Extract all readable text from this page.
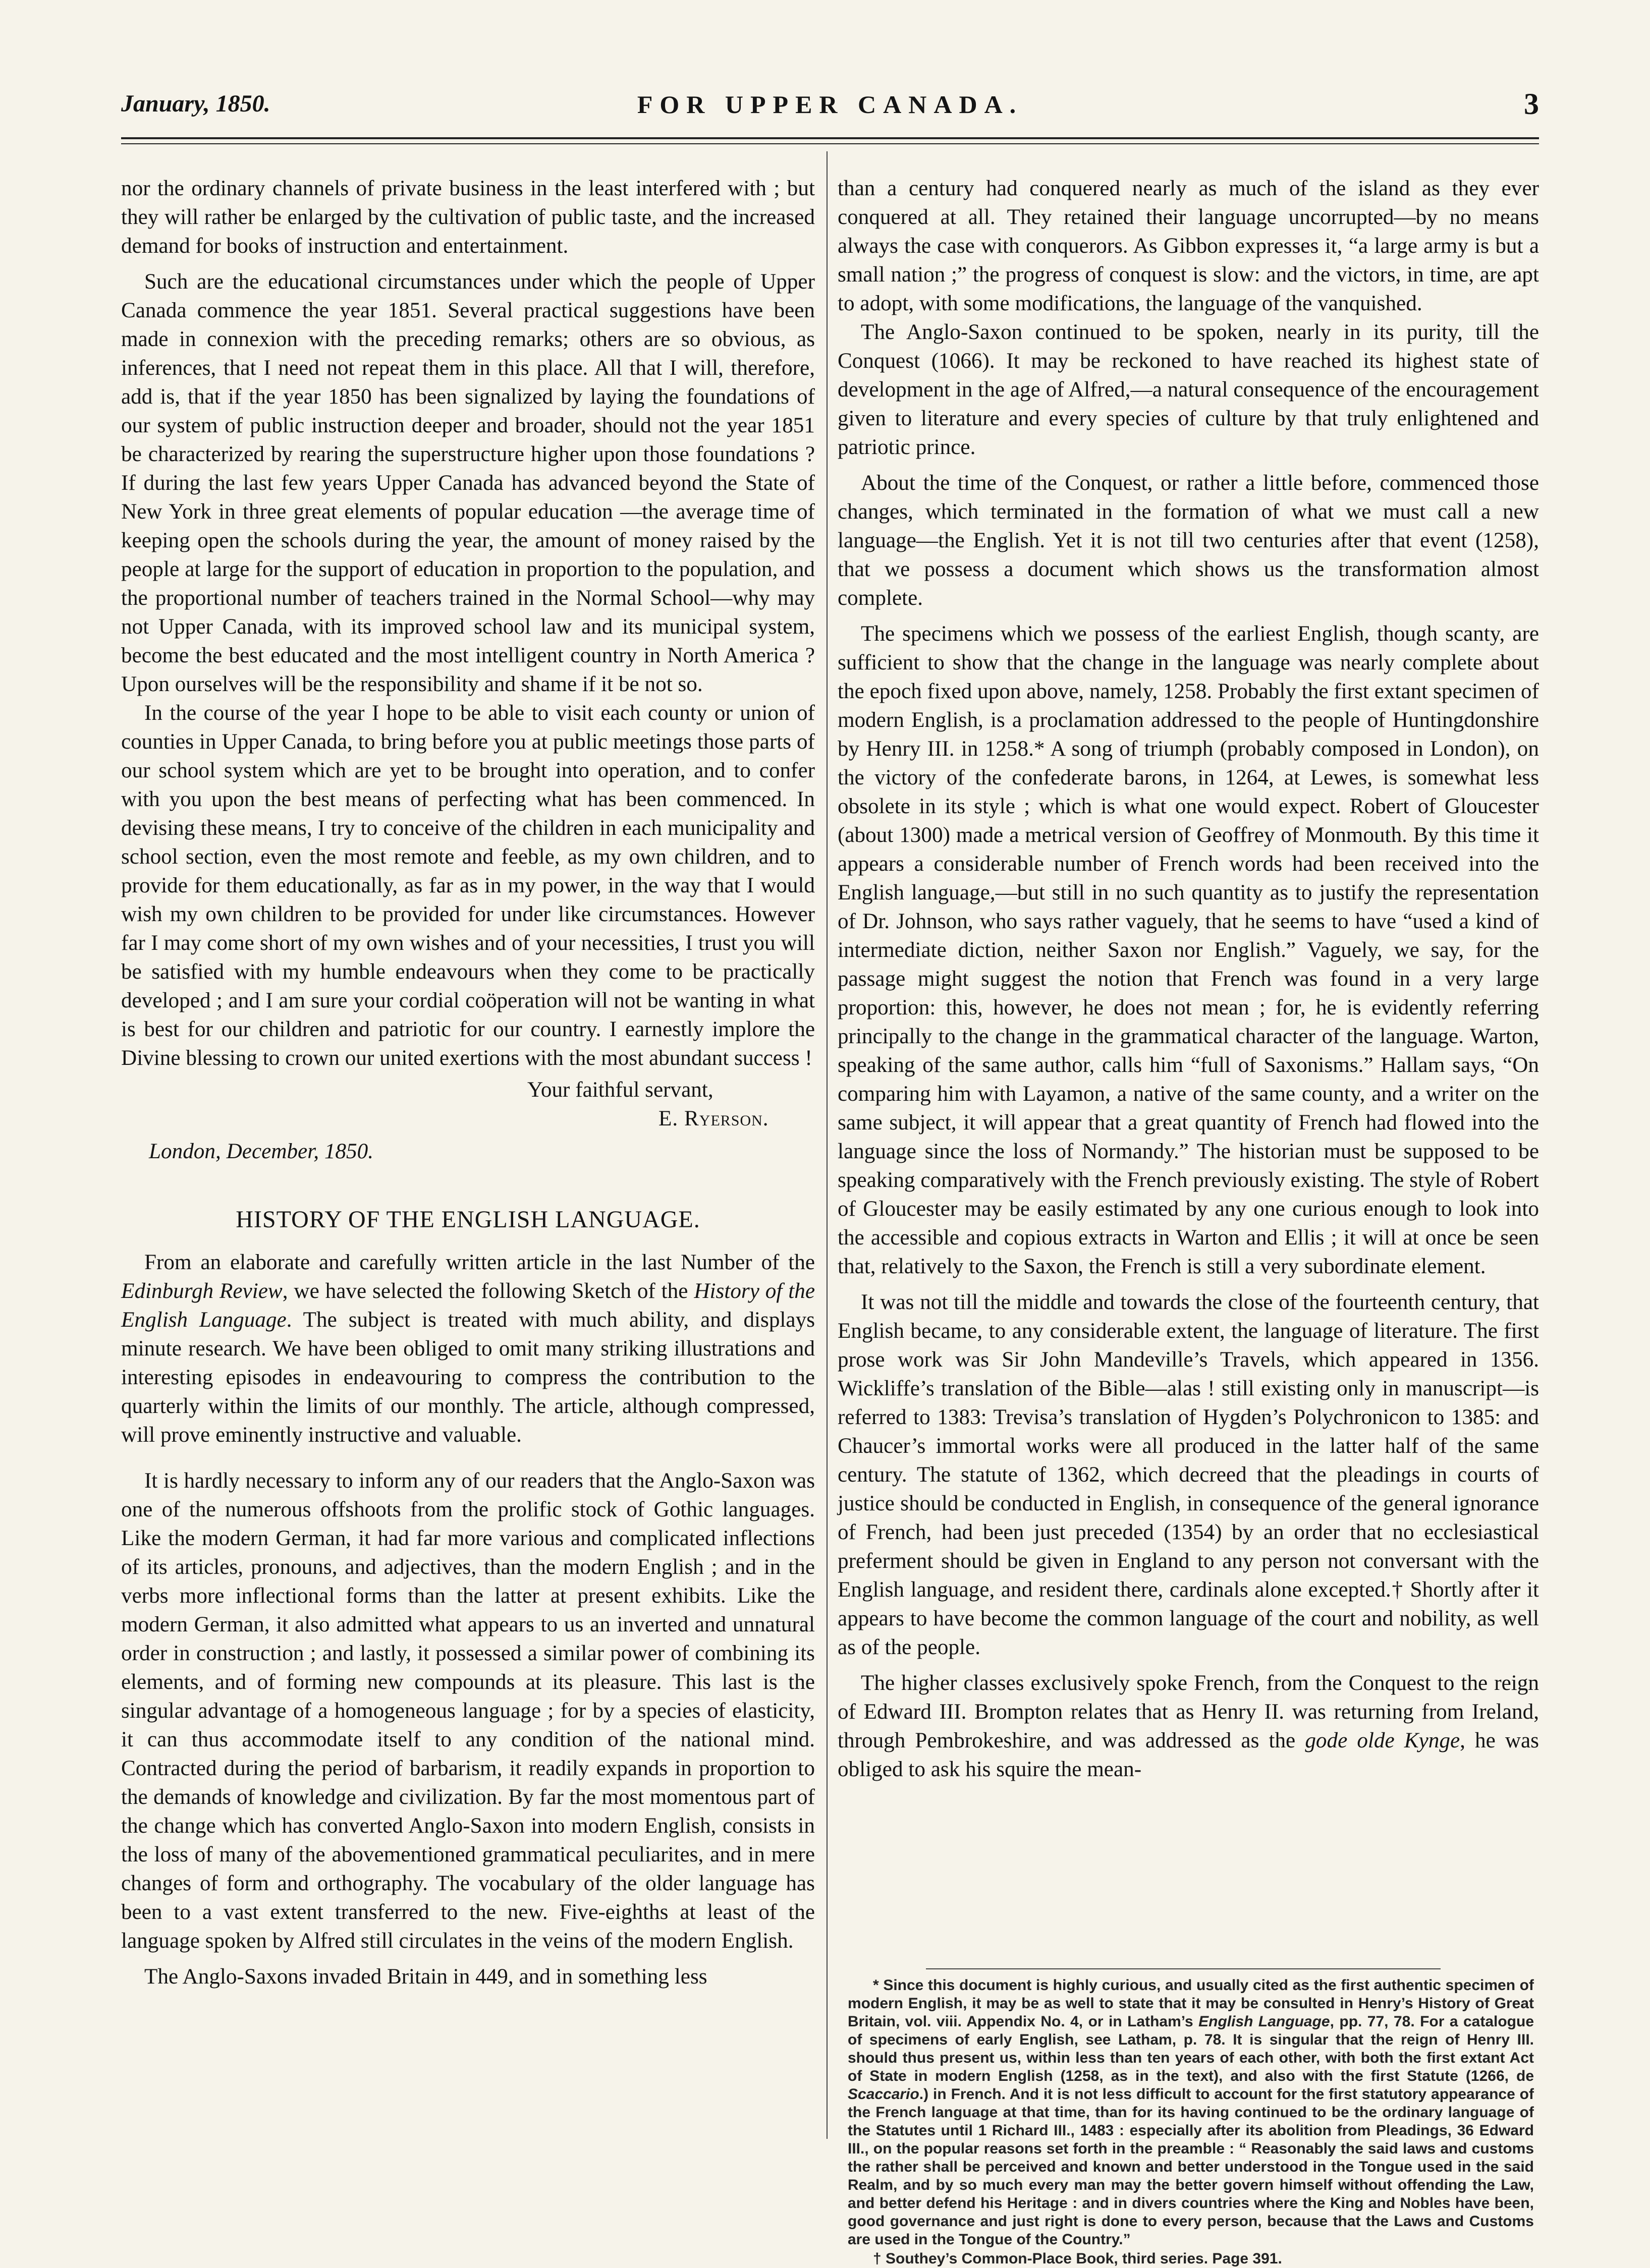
January, 1850.	FOR UPPER CANADA.	3

nor the ordinary channels of private business in the least interfered with ; but they will rather be enlarged by the cultivation of public taste, and the increased demand for books of instruction and entertainment.

Such are the educational circumstances under which the people of Upper Canada commence the year 1851. Several practical suggestions have been made in connexion with the preceding remarks; others are so obvious, as inferences, that I need not repeat them in this place. All that I will, therefore, add is, that if the year 1850 has been signalized by laying the foundations of our system of public instruction deeper and broader, should not the year 1851 be characterized by rearing the superstructure higher upon those foundations ? If during the last few years Upper Canada has advanced beyond the State of New York in three great elements of popular education —the average time of keeping open the schools during the year, the amount of money raised by the people at large for the support of education in proportion to the population, and the proportional number of teachers trained in the Normal School—why may not Upper Canada, with its improved school law and its municipal system, become the best educated and the most intelligent country in North America ? Upon ourselves will be the responsibility and shame if it be not so.

In the course of the year I hope to be able to visit each county or union of counties in Upper Canada, to bring before you at public meetings those parts of our school system which are yet to be brought into operation, and to confer with you upon the best means of perfecting what has been commenced. In devising these means, I try to conceive of the children in each municipality and school section, even the most remote and feeble, as my own children, and to provide for them educationally, as far as in my power, in the way that I would wish my own children to be provided for under like circumstances. However far I may come short of my own wishes and of your necessities, I trust you will be satisfied with my humble endeavours when they come to be practically developed ; and I am sure your cordial coöperation will not be wanting in what is best for our children and patriotic for our country. I earnestly implore the Divine blessing to crown our united exertions with the most abundant success !

Your faithful servant,
E. Ryerson.
London, December, 1850.
HISTORY OF THE ENGLISH LANGUAGE.

From an elaborate and carefully written article in the last Number of the Edinburgh Review, we have selected the following Sketch of the History of the English Language. The subject is treated with much ability, and displays minute research. We have been obliged to omit many striking illustrations and interesting episodes in endeavouring to compress the contribution to the quarterly within the limits of our monthly. The article, although compressed, will prove eminently instructive and valuable.

It is hardly necessary to inform any of our readers that the Anglo-Saxon was one of the numerous offshoots from the prolific stock of Gothic languages. Like the modern German, it had far more various and complicated inflections of its articles, pronouns, and adjectives, than the modern English ; and in the verbs more inflectional forms than the latter at present exhibits. Like the modern German, it also admitted what appears to us an inverted and unnatural order in construction ; and lastly, it possessed a similar power of combining its elements, and of forming new compounds at its pleasure. This last is the singular advantage of a homogeneous language ; for by a species of elasticity, it can thus accommodate itself to any condition of the national mind. Contracted during the period of barbarism, it readily expands in proportion to the demands of knowledge and civilization. By far the most momentous part of the change which has converted Anglo-Saxon into modern English, consists in the loss of many of the abovementioned grammatical peculiarites, and in mere changes of form and orthography. The vocabulary of the older language has been to a vast extent transferred to the new. Five-eighths at least of the language spoken by Alfred still circulates in the veins of the modern English.

The Anglo-Saxons invaded Britain in 449, and in something less

than a century had conquered nearly as much of the island as they ever conquered at all. They retained their language uncorrupted—by no means always the case with conquerors. As Gibbon expresses it, “a large army is but a small nation ;” the progress of conquest is slow: and the victors, in time, are apt to adopt, with some modifications, the language of the vanquished.

The Anglo-Saxon continued to be spoken, nearly in its purity, till the Conquest (1066). It may be reckoned to have reached its highest state of development in the age of Alfred,—a natural consequence of the encouragement given to literature and every species of culture by that truly enlightened and patriotic prince.

About the time of the Conquest, or rather a little before, commenced those changes, which terminated in the formation of what we must call a new language—the English. Yet it is not till two centuries after that event (1258), that we possess a document which shows us the transformation almost complete.

The specimens which we possess of the earliest English, though scanty, are sufficient to show that the change in the language was nearly complete about the epoch fixed upon above, namely, 1258. Probably the first extant specimen of modern English, is a proclamation addressed to the people of Huntingdonshire by Henry III. in 1258.* A song of triumph (probably composed in London), on the victory of the confederate barons, in 1264, at Lewes, is somewhat less obsolete in its style ; which is what one would expect. Robert of Gloucester (about 1300) made a metrical version of Geoffrey of Monmouth. By this time it appears a considerable number of French words had been received into the English language,—but still in no such quantity as to justify the representation of Dr. Johnson, who says rather vaguely, that he seems to have “used a kind of intermediate diction, neither Saxon nor English.” Vaguely, we say, for the passage might suggest the notion that French was found in a very large proportion: this, however, he does not mean ; for, he is evidently referring principally to the change in the grammatical character of the language. Warton, speaking of the same author, calls him “full of Saxonisms.” Hallam says, “On comparing him with Layamon, a native of the same county, and a writer on the same subject, it will appear that a great quantity of French had flowed into the language since the loss of Normandy.” The historian must be supposed to be speaking comparatively with the French previously existing. The style of Robert of Gloucester may be easily estimated by any one curious enough to look into the accessible and copious extracts in Warton and Ellis ; it will at once be seen that, relatively to the Saxon, the French is still a very subordinate element.

It was not till the middle and towards the close of the fourteenth century, that English became, to any considerable extent, the language of literature. The first prose work was Sir John Mandeville’s Travels, which appeared in 1356. Wickliffe’s translation of the Bible—alas ! still existing only in manuscript—is referred to 1383: Trevisa’s translation of Hygden’s Polychronicon to 1385: and Chaucer’s immortal works were all produced in the latter half of the same century. The statute of 1362, which decreed that the pleadings in courts of justice should be conducted in English, in consequence of the general ignorance of French, had been just preceded (1354) by an order that no ecclesiastical preferment should be given in England to any person not conversant with the English language, and resident there, cardinals alone excepted.† Shortly after it appears to have become the common language of the court and nobility, as well as of the people.

The higher classes exclusively spoke French, from the Conquest to the reign of Edward III. Brompton relates that as Henry II. was returning from Ireland, through Pembrokeshire, and was addressed as the gode olde Kynge, he was obliged to ask his squire the mean-

* Since this document is highly curious, and usually cited as the first authentic specimen of modern English, it may be as well to state that it may be consulted in Henry’s History of Great Britain, vol. viii. Appendix No. 4, or in Latham’s English Language, pp. 77, 78. For a catalogue of specimens of early English, see Latham, p. 78. It is singular that the reign of Henry III. should thus present us, within less than ten years of each other, with both the first extant Act of State in modern English (1258, as in the text), and also with the first Statute (1266, de Scaccario.) in French. And it is not less difficult to account for the first statutory appearance of the French language at that time, than for its having continued to be the ordinary language of the Statutes until 1 Richard III., 1483 : especially after its abolition from Pleadings, 36 Edward III., on the popular reasons set forth in the preamble : “ Reasonably the said laws and customs the rather shall be perceived and known and better understood in the Tongue used in the said Realm, and by so much every man may the better govern himself without offending the Law, and better defend his Heritage : and in divers countries where the King and Nobles have been, good governance and just right is done to every person, because that the Laws and Customs are used in the Tongue of the Country.”

† Southey’s Common-Place Book, third series. Page 391.
